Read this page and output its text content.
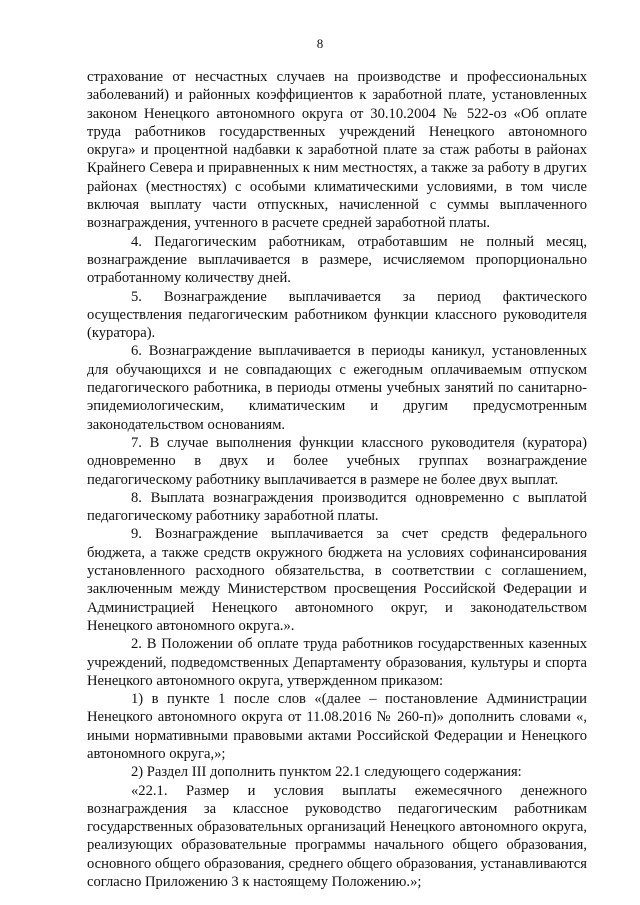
8

страхование от несчастных случаев на производстве и профессиональных заболеваний) и районных коэффициентов к заработной плате, установленных законом Ненецкого автономного округа от 30.10.2004 № 522-оз «Об оплате труда работников государственных учреждений Ненецкого автономного округа» и процентной надбавки к заработной плате за стаж работы в районах Крайнего Севера и приравненных к ним местностях, а также за работу в других районах (местностях) с особыми климатическими условиями, в том числе включая выплату части отпускных, начисленной с суммы выплаченного вознаграждения, учтенного в расчете средней заработной платы.

4. Педагогическим работникам, отработавшим не полный месяц, вознаграждение выплачивается в размере, исчисляемом пропорционально отработанному количеству дней.

5. Вознаграждение выплачивается за период фактического осуществления педагогическим работником функции классного руководителя (куратора).

6. Вознаграждение выплачивается в периоды каникул, установленных для обучающихся и не совпадающих с ежегодным оплачиваемым отпуском педагогического работника, в периоды отмены учебных занятий по санитарно-эпидемиологическим, климатическим и другим предусмотренным законодательством основаниям.

7. В случае выполнения функции классного руководителя (куратора) одновременно в двух и более учебных группах вознаграждение педагогическому работнику выплачивается в размере не более двух выплат.

8. Выплата вознаграждения производится одновременно с выплатой педагогическому работнику заработной платы.

9. Вознаграждение выплачивается за счет средств федерального бюджета, а также средств окружного бюджета на условиях софинансирования установленного расходного обязательства, в соответствии с соглашением, заключенным между Министерством просвещения Российской Федерации и Администрацией Ненецкого автономного округ, и законодательством Ненецкого автономного округа.».

2. В Положении об оплате труда работников государственных казенных учреждений, подведомственных Департаменту образования, культуры и спорта Ненецкого автономного округа, утвержденном приказом:

1) в пункте 1 после слов «(далее – постановление Администрации Ненецкого автономного округа от 11.08.2016 № 260-п)» дополнить словами «, иными нормативными правовыми актами Российской Федерации и Ненецкого автономного округа,»;

2) Раздел III дополнить пунктом 22.1 следующего содержания:

«22.1. Размер и условия выплаты ежемесячного денежного вознаграждения за классное руководство педагогическим работникам государственных образовательных организаций Ненецкого автономного округа, реализующих образовательные программы начального общего образования, основного общего образования, среднего общего образования, устанавливаются согласно Приложению 3 к настоящему Положению.»;
